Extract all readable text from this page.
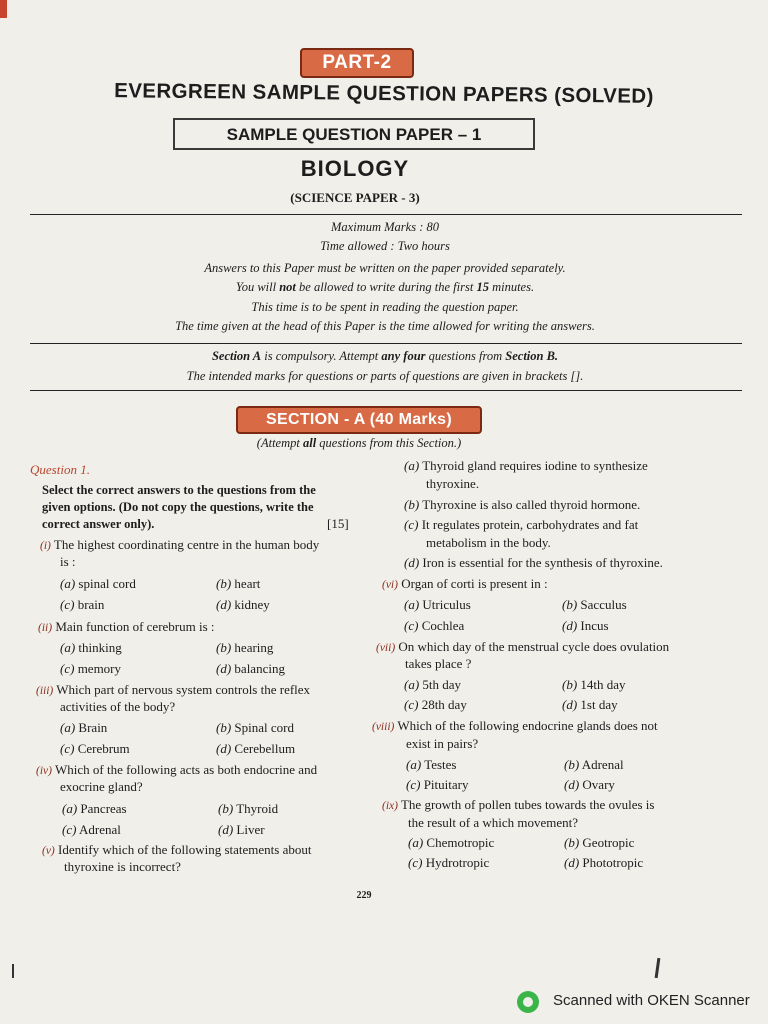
PART-2
EVERGREEN SAMPLE QUESTION PAPERS (SOLVED)
SAMPLE QUESTION PAPER – 1
BIOLOGY
(SCIENCE PAPER - 3)
Maximum Marks : 80
Time allowed : Two hours
Answers to this Paper must be written on the paper provided separately.
You will not be allowed to write during the first 15 minutes.
This time is to be spent in reading the question paper.
The time given at the head of this Paper is the time allowed for writing the answers.
Section A is compulsory. Attempt any four questions from Section B.
The intended marks for questions or parts of questions are given in brackets [].
SECTION - A (40 Marks)
(Attempt all questions from this Section.)
Question 1.
Select the correct answers to the questions from the
given options. (Do not copy the questions, write the
correct answer only).	[15]
(i) The highest coordinating centre in the human body
is :
(a) spinal cord	(b) heart
(c) brain	(d) kidney
(ii) Main function of cerebrum is :
(a) thinking	(b) hearing
(c) memory	(d) balancing
(iii) Which part of nervous system controls the reflex
activities of the body?
(a) Brain	(b) Spinal cord
(c) Cerebrum	(d) Cerebellum
(iv) Which of the following acts as both endocrine and
exocrine gland?
(a) Pancreas	(b) Thyroid
(c) Adrenal	(d) Liver
(v) Identify which of the following statements about
thyroxine is incorrect?
(a) Thyroid gland requires iodine to synthesize
thyroxine.
(b) Thyroxine is also called thyroid hormone.
(c) It regulates protein, carbohydrates and fat
metabolism in the body.
(d) Iron is essential for the synthesis of thyroxine.
(vi) Organ of corti is present in :
(a) Utriculus	(b) Sacculus
(c) Cochlea	(d) Incus
(vii) On which day of the menstrual cycle does ovulation
takes place ?
(a) 5th day	(b) 14th day
(c) 28th day	(d) 1st day
(viii) Which of the following endocrine glands does not
exist in pairs?
(a) Testes	(b) Adrenal
(c) Pituitary	(d) Ovary
(ix) The growth of pollen tubes towards the ovules is
the result of a which movement?
(a) Chemotropic	(b) Geotropic
(c) Hydrotropic	(d) Phototropic
229
Scanned with OKEN Scanner
